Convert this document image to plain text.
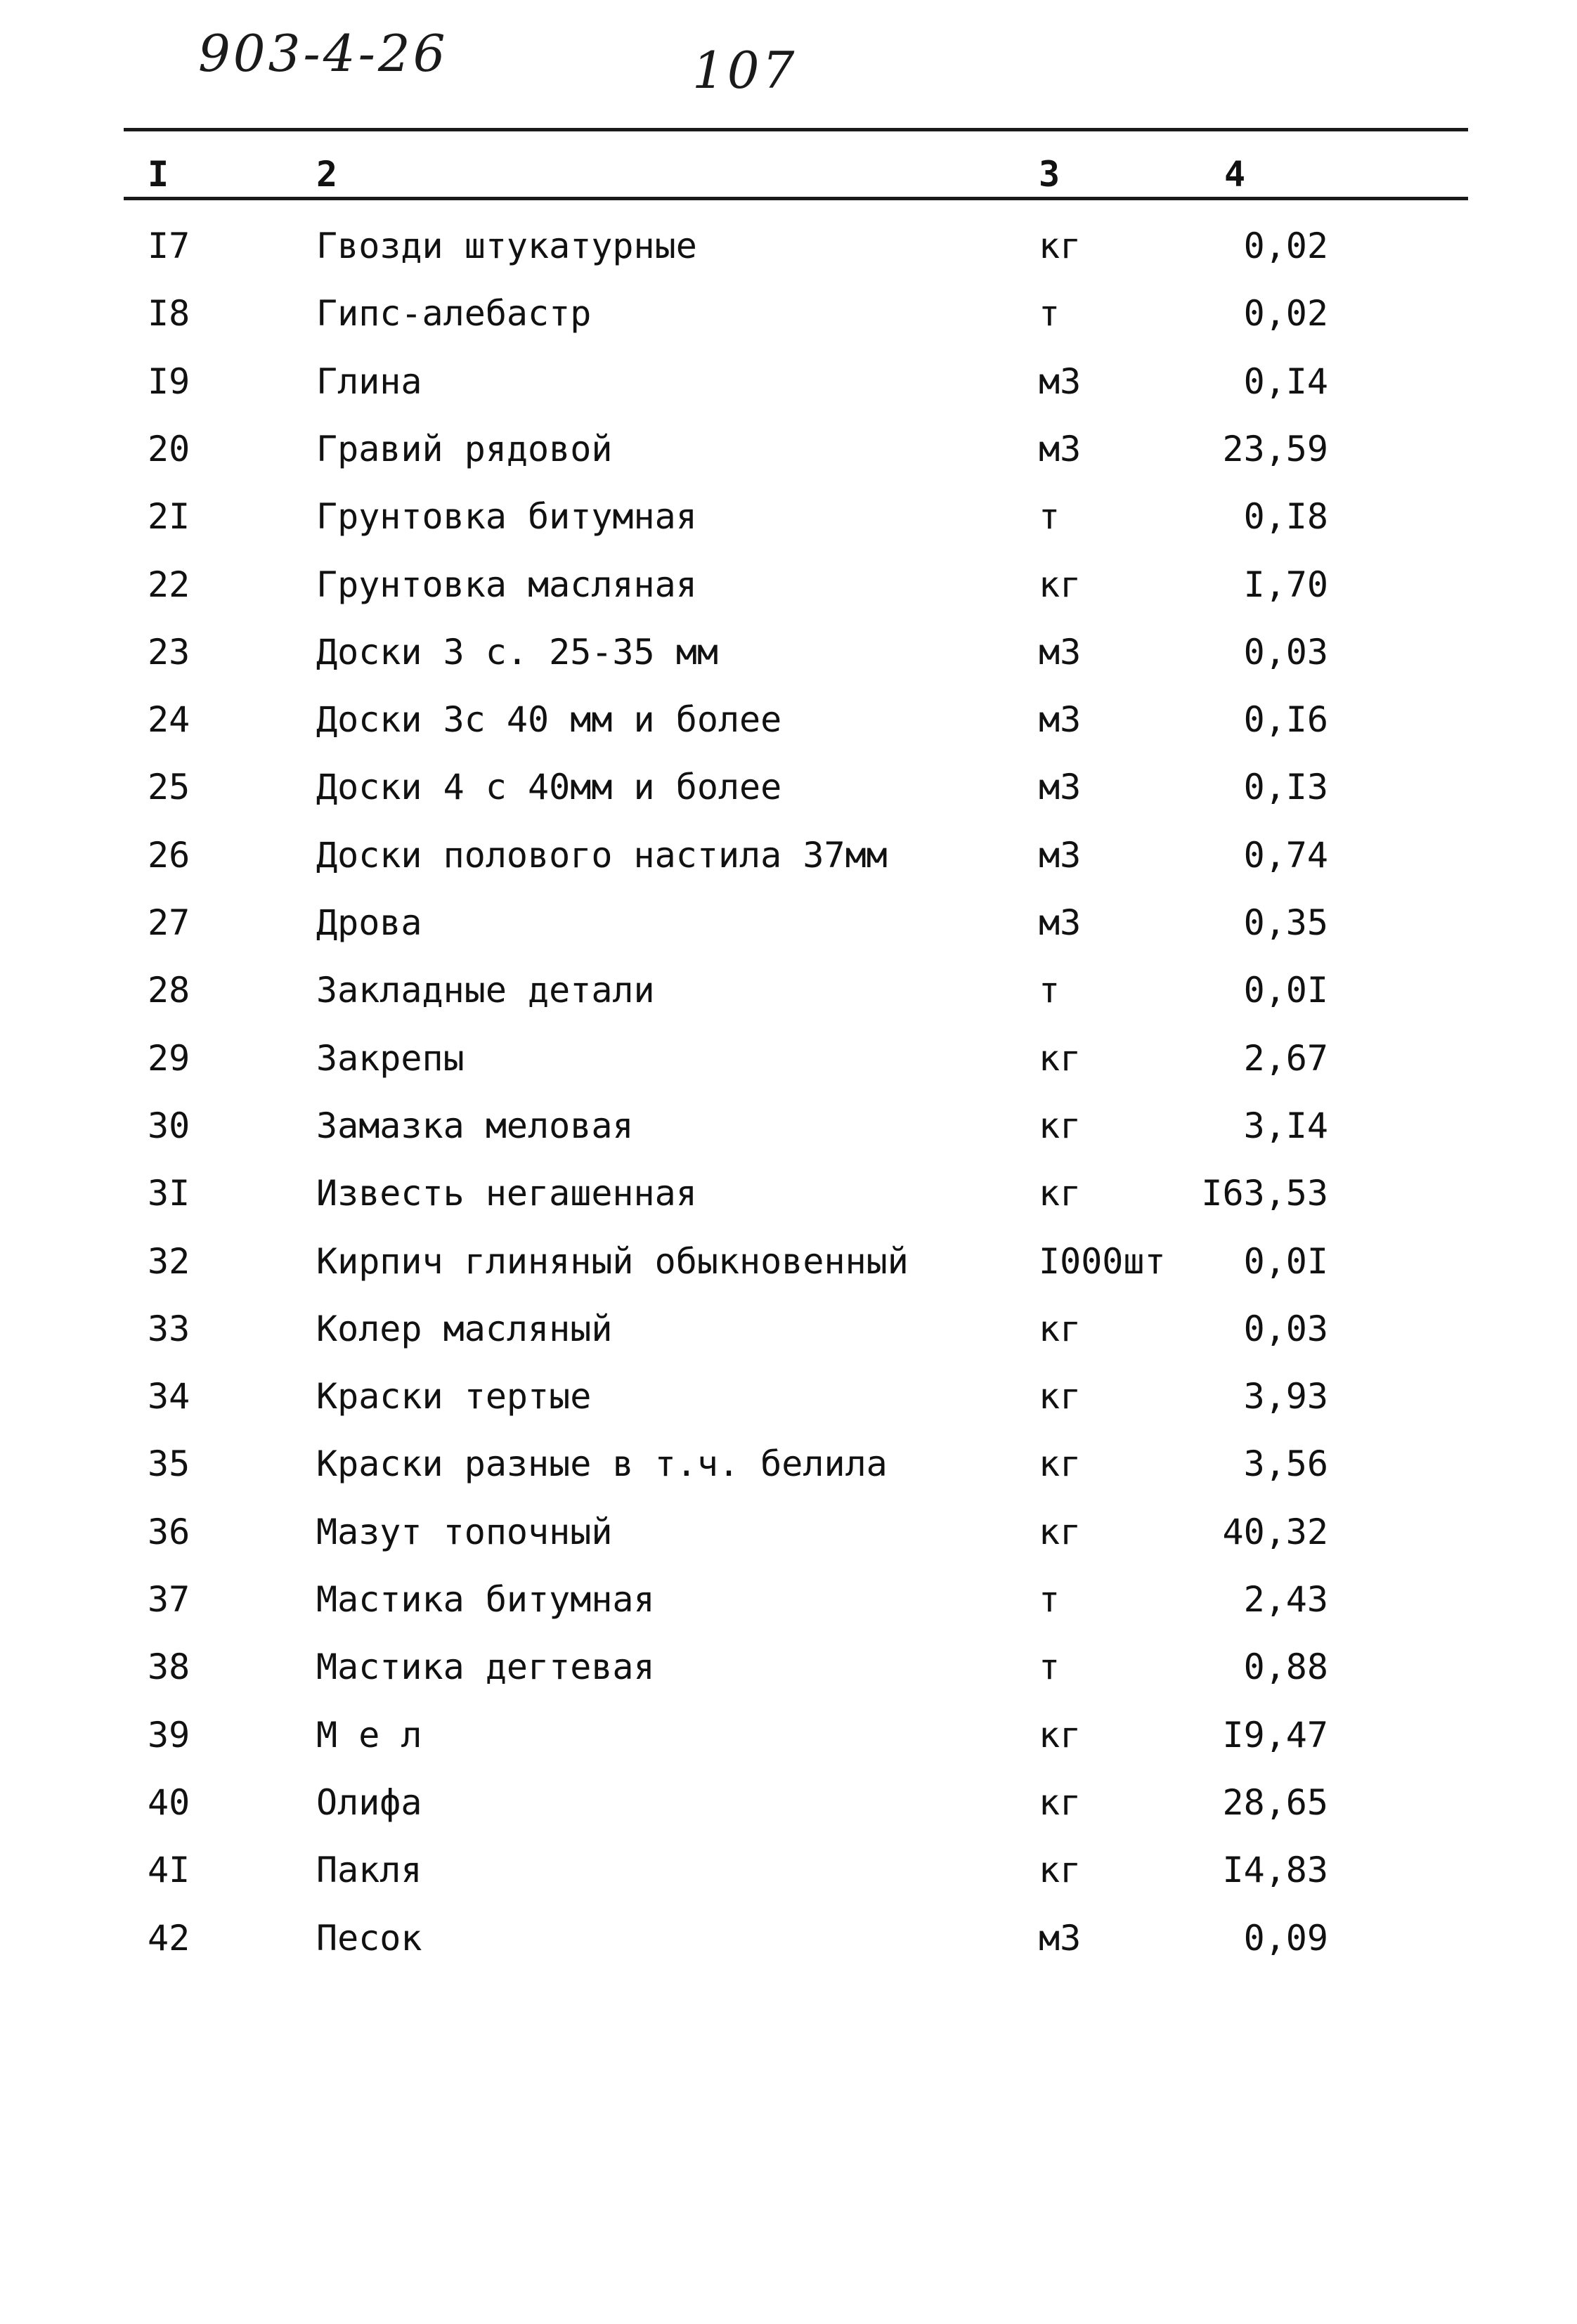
903-4-26	107
I	2	3	4
I7	Гвозди штукатурные	кг	0,02
I8	Гипс-алебастр	т	0,02
I9	Глина	м3	0,I4
20	Гравий рядовой	м3	23,59
2I	Грунтовка битумная	т	0,I8
22	Грунтовка масляная	кг	I,70
23	Доски 3 с. 25-35 мм	м3	0,03
24	Доски 3с 40 мм и более	м3	0,I6
25	Доски 4 с 40мм и более	м3	0,I3
26	Доски полового настила 37мм	м3	0,74
27	Дрова	м3	0,35
28	Закладные детали	т	0,0I
29	Закрепы	кг	2,67
30	Замазка меловая	кг	3,I4
3I	Известь негашенная	кг	I63,53
32	Кирпич глиняный обыкновенный	I000шт 0,0I
33	Колер масляный	кг	0,03
34	Краски тертые	кг	3,93
35	Краски разные в т.ч. белила	кг	3,56
36	Мазут топочный	кг	40,32
37	Мастика битумная	т	2,43
38	Мастика дегтевая	т	0,88
39	М е л	кг	I9,47
40	Олифа	кг	28,65
4I	Пакля	кг	I4,83
42	Песок	м3	0,09
